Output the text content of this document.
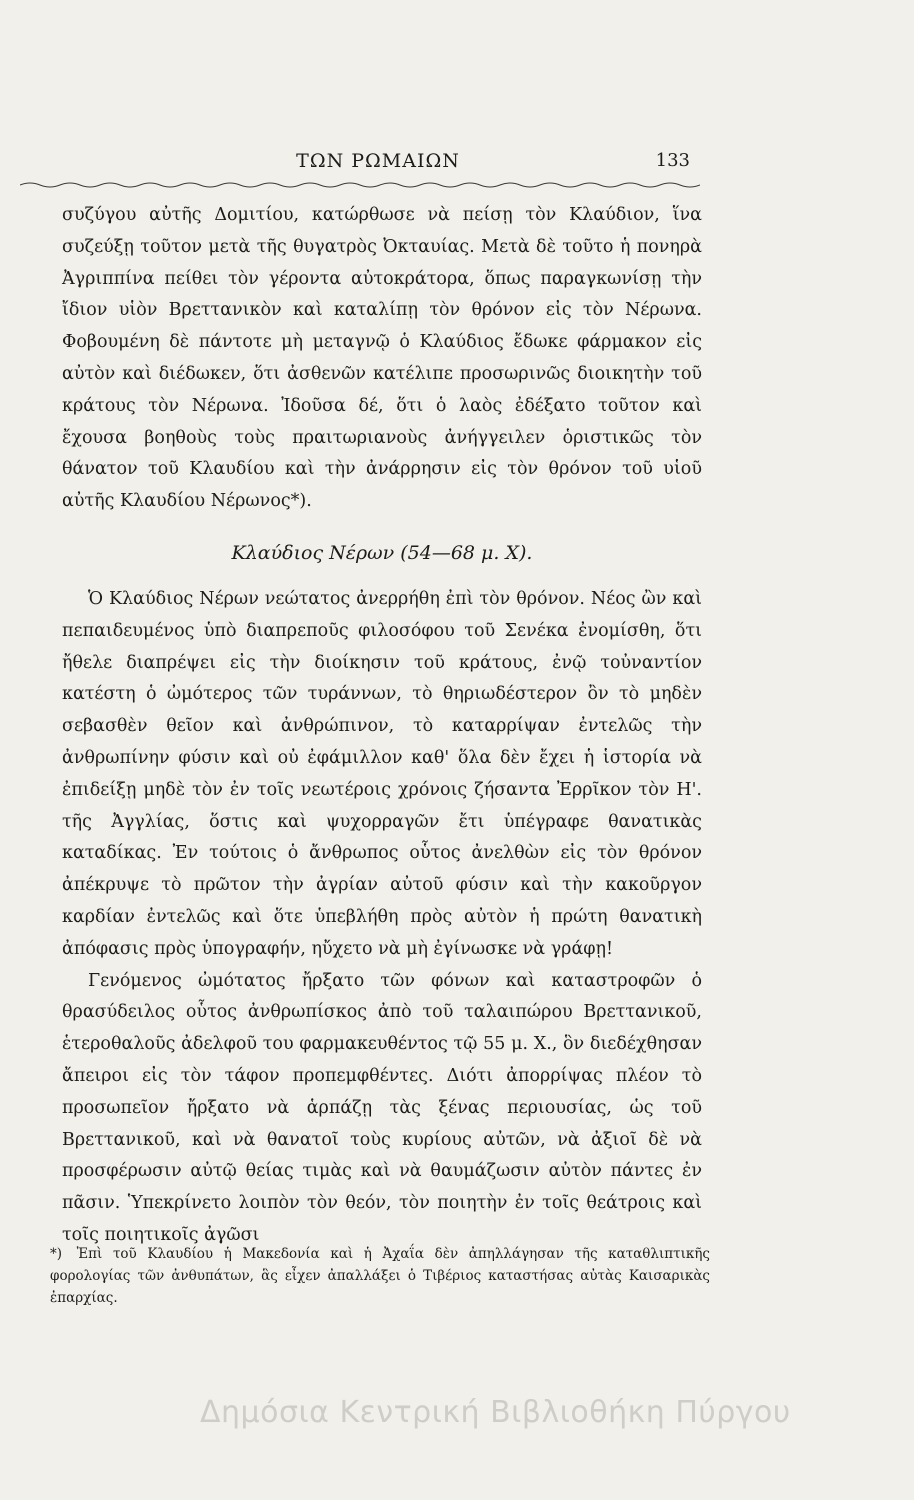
ΤΩΝ ΡΩΜΑΙΩΝ	133

συζύγου αὐτῆς Δομιτίου, κατώρθωσε νὰ πείσῃ τὸν Κλαύδιον, ἵνα συζεύξῃ τοῦτον μετὰ τῆς θυγατρὸς Ὀκταυίας. Μετὰ δὲ τοῦτο ἡ πονηρὰ Ἀγριππίνα πείθει τὸν γέροντα αὐτοκράτορα, ὅπως παραγκωνίσῃ τὴν ἴδιον υἱὸν Βρεττανικὸν καὶ καταλίπῃ τὸν θρόνον εἰς τὸν Νέρωνα. Φοβουμένη δὲ πάντοτε μὴ μεταγνῷ ὁ Κλαύδιος ἔδωκε φάρμακον εἰς αὐτὸν καὶ διέδωκεν, ὅτι ἀσθενῶν κατέλιπε προσωρινῶς διοικητὴν τοῦ κράτους τὸν Νέρωνα. Ἰδοῦσα δέ, ὅτι ὁ λαὸς ἐδέξατο τοῦτον καὶ ἔχουσα βοηθοὺς τοὺς πραιτωριανοὺς ἀνήγγειλεν ὁριστικῶς τὸν θάνατον τοῦ Κλαυδίου καὶ τὴν ἀνάρρησιν εἰς τὸν θρόνον τοῦ υἱοῦ αὐτῆς Κλαυδίου Νέρωνος*).

Κλαύδιος Νέρων (54—68 μ. Χ).

Ὁ Κλαύδιος Νέρων νεώτατος ἀνερρήθη ἐπὶ τὸν θρόνον. Νέος ὢν καὶ πεπαιδευμένος ὑπὸ διαπρεποῦς φιλοσόφου τοῦ Σενέκα ἐνομίσθη, ὅτι ἤθελε διαπρέψει εἰς τὴν διοίκησιν τοῦ κράτους, ἐνῷ τοὐναντίον κατέστη ὁ ὠμότερος τῶν τυράννων, τὸ θηριωδέστερον ὂν τὸ μηδὲν σεβασθὲν θεῖον καὶ ἀνθρώπινον, τὸ καταρρίψαν ἐντελῶς τὴν ἀνθρωπίνην φύσιν καὶ οὐ ἐφάμιλλον καθ' ὅλα δὲν ἔχει ἡ ἱστορία νὰ ἐπιδείξῃ μηδὲ τὸν ἐν τοῖς νεωτέροις χρόνοις ζήσαντα Ἐρρῖκον τὸν Η'. τῆς Ἀγγλίας, ὅστις καὶ ψυχορραγῶν ἔτι ὑπέγραφε θανατικὰς καταδίκας. Ἐν τούτοις ὁ ἄνθρωπος οὗτος ἀνελθὼν εἰς τὸν θρόνον ἀπέκρυψε τὸ πρῶτον τὴν ἀγρίαν αὐτοῦ φύσιν καὶ τὴν κακοῦργον καρδίαν ἐντελῶς καὶ ὅτε ὑπεβλήθη πρὸς αὐτὸν ἡ πρώτη θανατικὴ ἀπόφασις πρὸς ὑπογραφήν, ηὔχετο νὰ μὴ ἐγίνωσκε νὰ γράφῃ!

Γενόμενος ὠμότατος ἤρξατο τῶν φόνων καὶ καταστροφῶν ὁ θρασύδειλος οὗτος ἀνθρωπίσκος ἀπὸ τοῦ ταλαιπώρου Βρεττανικοῦ, ἑτεροθαλοῦς ἀδελφοῦ του φαρμακευθέντος τῷ 55 μ. Χ., ὃν διεδέχθησαν ἄπειροι εἰς τὸν τάφον προπεμφθέντες. Διότι ἀπορρίψας πλέον τὸ προσωπεῖον ἤρξατο νὰ ἁρπάζῃ τὰς ξένας περιουσίας, ὡς τοῦ Βρεττανικοῦ, καὶ νὰ θανατοῖ τοὺς κυρίους αὐτῶν, νὰ ἀξιοῖ δὲ νὰ προσφέρωσιν αὐτῷ θείας τιμὰς καὶ νὰ θαυμάζωσιν αὐτὸν πάντες ἐν πᾶσιν. Ὑπεκρίνετο λοιπὸν τὸν θεόν, τὸν ποιητὴν ἐν τοῖς θεάτροις καὶ τοῖς ποιητικοῖς ἀγῶσι

*) Ἐπὶ τοῦ Κλαυδίου ἡ Μακεδονία καὶ ἡ Ἀχαΐα δὲν ἀπηλλάγησαν τῆς καταθλιπτικῆς φορολογίας τῶν ἀνθυπάτων, ἃς εἶχεν ἀπαλλάξει ὁ Τιβέριος καταστήσας αὐτὰς Καισαρικὰς ἐπαρχίας.
Δημόσια Κεντρική Βιβλιοθήκη Πύργου
